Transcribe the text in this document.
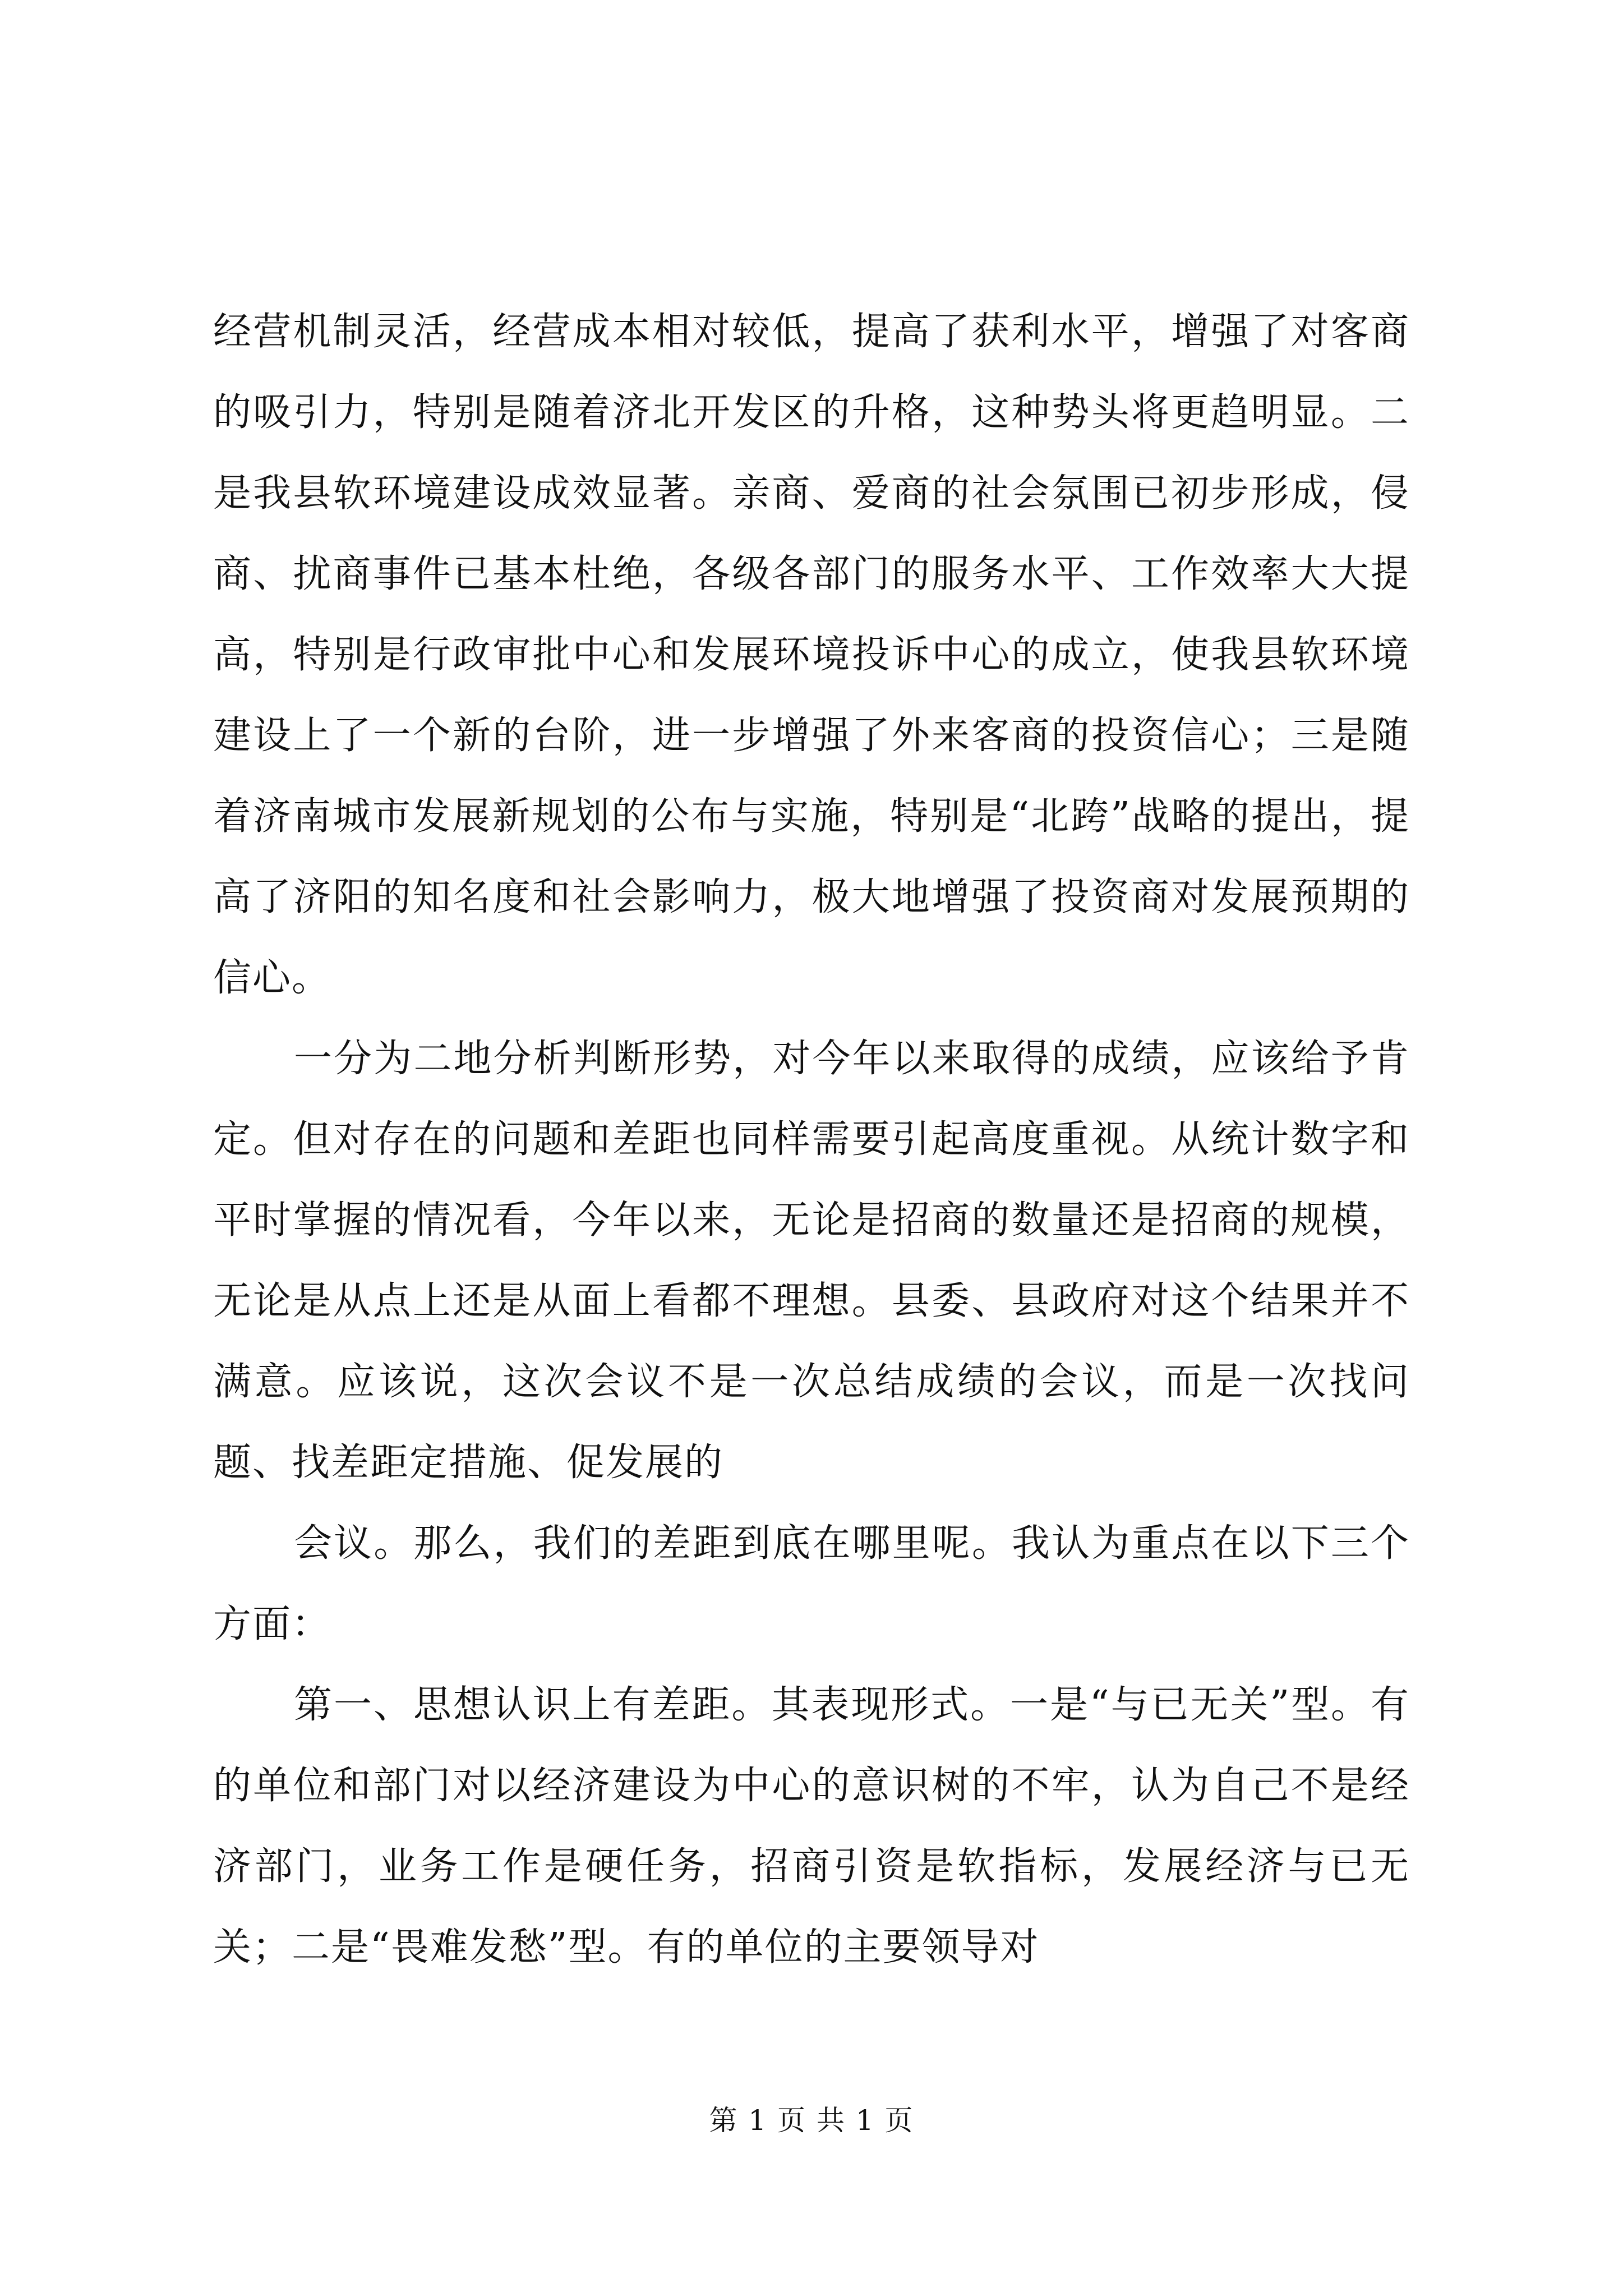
经营机制灵活，经营成本相对较低，提高了获利水平，增强了对客商的吸引力，特别是随着济北开发区的升格，这种势头将更趋明显。二是我县软环境建设成效显著。亲商、爱商的社会氛围已初步形成，侵商、扰商事件已基本杜绝，各级各部门的服务水平、工作效率大大提高，特别是行政审批中心和发展环境投诉中心的成立，使我县软环境建设上了一个新的台阶，进一步增强了外来客商的投资信心；三是随着济南城市发展新规划的公布与实施，特别是“北跨”战略的提出，提高了济阳的知名度和社会影响力，极大地增强了投资商对发展预期的信心。

一分为二地分析判断形势，对今年以来取得的成绩，应该给予肯定。但对存在的问题和差距也同样需要引起高度重视。从统计数字和平时掌握的情况看，今年以来，无论是招商的数量还是招商的规模，无论是从点上还是从面上看都不理想。县委、县政府对这个结果并不满意。应该说，这次会议不是一次总结成绩的会议，而是一次找问题、找差距定措施、促发展的

会议。那么，我们的差距到底在哪里呢。我认为重点在以下三个方面：

第一、思想认识上有差距。其表现形式。一是“与已无关”型。有的单位和部门对以经济建设为中心的意识树的不牢，认为自己不是经济部门，业务工作是硬任务，招商引资是软指标，发展经济与已无关；二是“畏难发愁”型。有的单位的主要领导对

第 1 页 共 1 页
